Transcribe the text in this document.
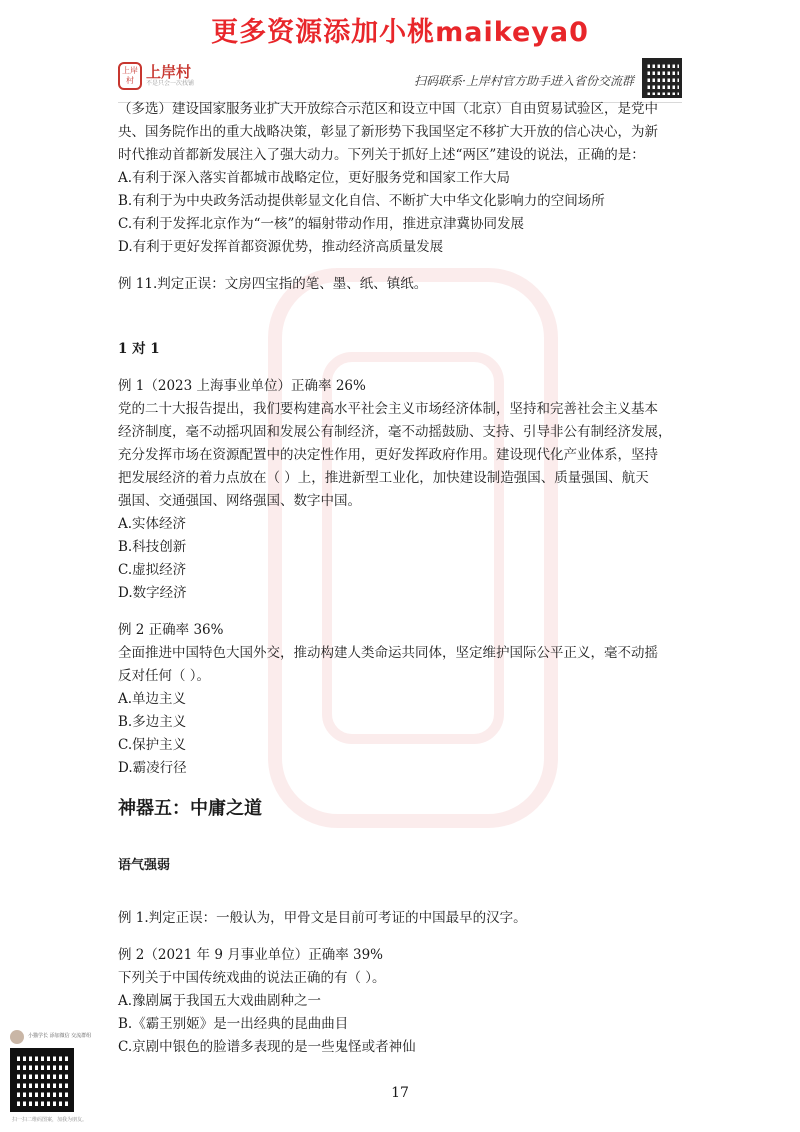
更多资源添加小桃maikeya0
上岸村 上岸村
不是只会一次找铺	扫码联系·上岸村官方助手进入省份交流群
（多选）建设国家服务业扩大开放综合示范区和设立中国（北京）自由贸易试验区，是党中
央、国务院作出的重大战略决策，彰显了新形势下我国坚定不移扩大开放的信心决心，为新
时代推动首都新发展注入了强大动力。下列关于抓好上述“两区”建设的说法，正确的是：
A.有利于深入落实首都城市战略定位，更好服务党和国家工作大局
B.有利于为中央政务活动提供彰显文化自信、不断扩大中华文化影响力的空间场所
C.有利于发挥北京作为“一核”的辐射带动作用，推进京津冀协同发展
D.有利于更好发挥首都资源优势，推动经济高质量发展
例 11.判定正误：文房四宝指的笔、墨、纸、镇纸。
1 对 1
例 1（2023 上海事业单位）正确率 26%
党的二十大报告提出，我们要构建高水平社会主义市场经济体制，坚持和完善社会主义基本
经济制度，毫不动摇巩固和发展公有制经济，毫不动摇鼓励、支持、引导非公有制经济发展，
充分发挥市场在资源配置中的决定性作用，更好发挥政府作用。建设现代化产业体系，坚持
把发展经济的着力点放在（ ）上，推进新型工业化，加快建设制造强国、质量强国、航天
强国、交通强国、网络强国、数字中国。
A.实体经济
B.科技创新
C.虚拟经济
D.数字经济
例 2 正确率 36%
全面推进中国特色大国外交，推动构建人类命运共同体，坚定维护国际公平正义，毫不动摇
反对任何（ ）。
A.单边主义
B.多边主义
C.保护主义
D.霸凌行径
神器五：中庸之道
语气强弱
例 1.判定正误：一般认为，甲骨文是目前可考证的中国最早的汉字。
例 2（2021 年 9 月事业单位）正确率 39%
下列关于中国传统戏曲的说法正确的有（ ）。
A.豫剧属于我国五大戏曲剧种之一
B.《霸王别姬》是一出经典的昆曲曲目
C.京剧中银色的脸谱多表现的是一些鬼怪或者神仙
17
小猫学长 添加微信 交流群组
扫一扫二维码图案，加我为朋友。
